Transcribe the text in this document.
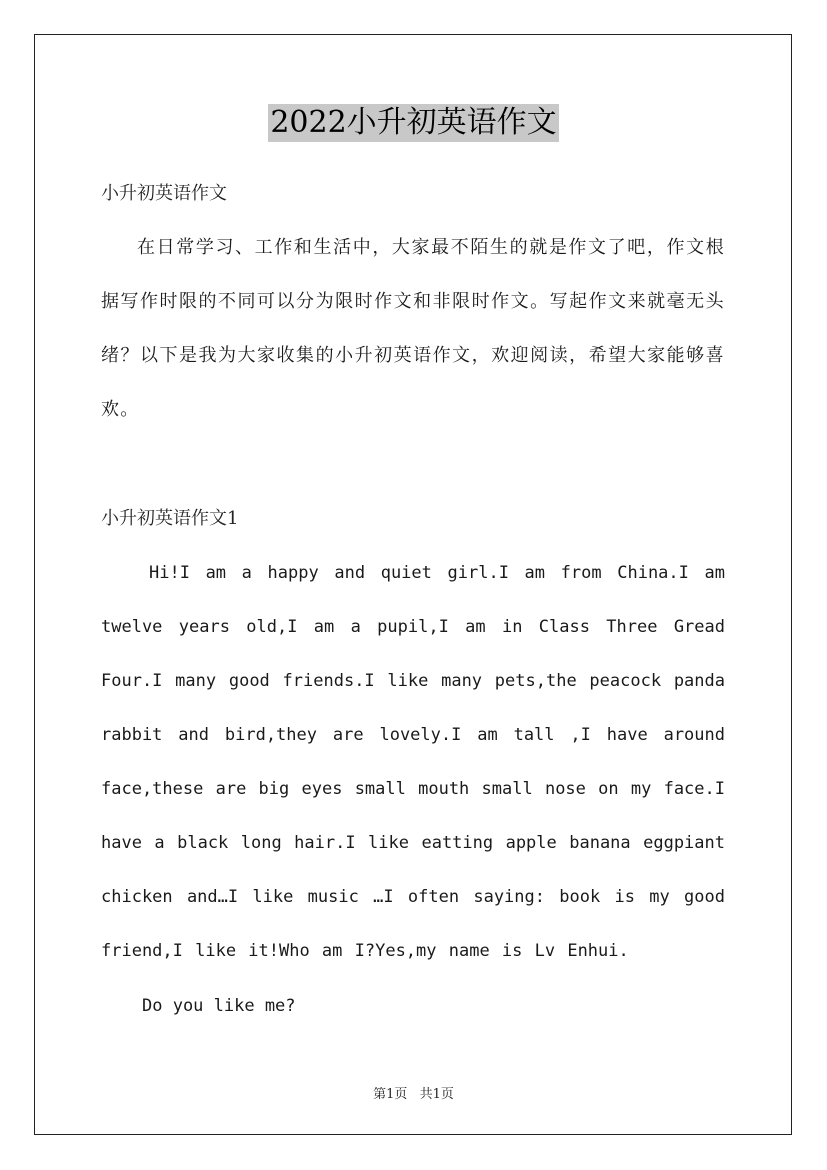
2022小升初英语作文
小升初英语作文

在日常学习、工作和生活中，大家最不陌生的就是作文了吧，作文根据写作时限的不同可以分为限时作文和非限时作文。写起作文来就毫无头绪？以下是我为大家收集的小升初英语作文，欢迎阅读，希望大家能够喜欢。

小升初英语作文1

Hi!I am a happy and quiet girl.I am from China.I am twelve years old,I am a pupil,I am in Class Three Gread Four.I many good friends.I like many pets,the peacock panda rabbit and bird,they are lovely.I am tall ,I have around face,these are big eyes small mouth small nose on my face.I have a black long hair.I like eatting apple banana eggpiant chicken and…I like music …I often saying: book is my good friend,I like it!Who am I?Yes,my name is Lv Enhui.

Do you like me?
第1页 共1页
